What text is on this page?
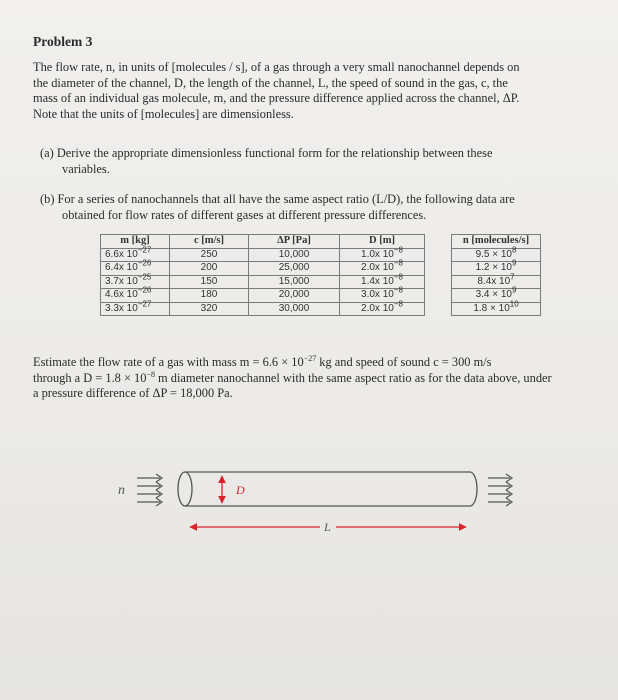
Problem 3
The flow rate, n, in units of [molecules / s], of a gas through a very small nanochannel depends on
the diameter of the channel, D, the length of the channel, L, the speed of sound in the gas, c, the
mass of an individual gas molecule, m, and the pressure difference applied across the channel, ΔP.
Note that the units of [molecules] are dimensionless.
(a) Derive the appropriate dimensionless functional form for the relationship between these
variables.
(b) For a series of nanochannels that all have the same aspect ratio (L/D), the following data are
obtained for flow rates of different gases at different pressure differences.
m [kg]	c [m/s]	ΔP [Pa]	D [m]		n [molecules/s]
6.6x $10^{-27}$	250	10,000	1.0x $10^{-8}$		$9.5 \times 10^8$
6.4x $10^{-26}$	200	25,000	2.0x $10^{-8}$		$1.2 \times 10^9$
3.7x $10^{-25}$	150	15,000	1.4x $10^{-8}$		8.4x $10^7$
4.6x $10^{-26}$	180	20,000	3.0x $10^{-8}$		$3.4 \times 10^9$
3.3x $10^{-27}$	320	30,000	2.0x $10^{-8}$		$1.8 \times 10^{10}$
Estimate the flow rate of a gas with mass $m = 6.6 \times 10^{-27}$ kg and speed of sound c = 300 m/s
through a $D = 1.8 \times 10^{-8}$ m diameter nanochannel with the same aspect ratio as for the data above, under
a pressure difference of ΔP = 18,000 Pa.
n	D
L
